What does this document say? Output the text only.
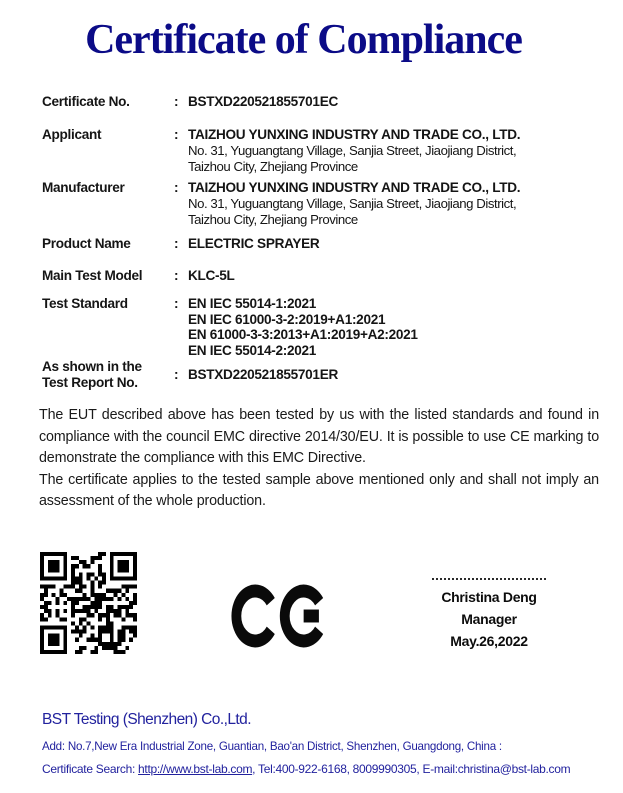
Certificate of Compliance
Certificate No.	: BSTXD220521855701EC
Applicant	: TAIZHOU YUNXING INDUSTRY AND TRADE CO., LTD.
No. 31, Yuguangtang Village, Sanjia Street, Jiaojiang District,
Taizhou City, Zhejiang Province
Manufacturer	: TAIZHOU YUNXING INDUSTRY AND TRADE CO., LTD.
No. 31, Yuguangtang Village, Sanjia Street, Jiaojiang District,
Taizhou City, Zhejiang Province
Product Name	: ELECTRIC SPRAYER
Main Test Model	: KLC-5L
Test Standard	: EN IEC 55014-1:2021
EN IEC 61000-3-2:2019+A1:2021
EN 61000-3-3:2013+A1:2019+A2:2021
EN IEC 55014-2:2021
As shown in the
Test Report No.
: BSTXD220521855701ER

The EUT described above has been tested by us with the listed standards and found in compliance with the council EMC directive 2014/30/EU. It is possible to use CE marking to demonstrate the compliance with this EMC Directive.

The certificate applies to the tested sample above mentioned only and shall not imply an assessment of the whole production.

Christina Deng
Manager
May.26,2022
BST Testing (Shenzhen) Co.,Ltd.
Add: No.7,New Era Industrial Zone, Guantian, Bao'an District, Shenzhen, Guangdong, China :
Certificate Search: http://www.bst-lab.com, Tel:400-922-6168, 8009990305, E-mail:christina@bst-lab.com
